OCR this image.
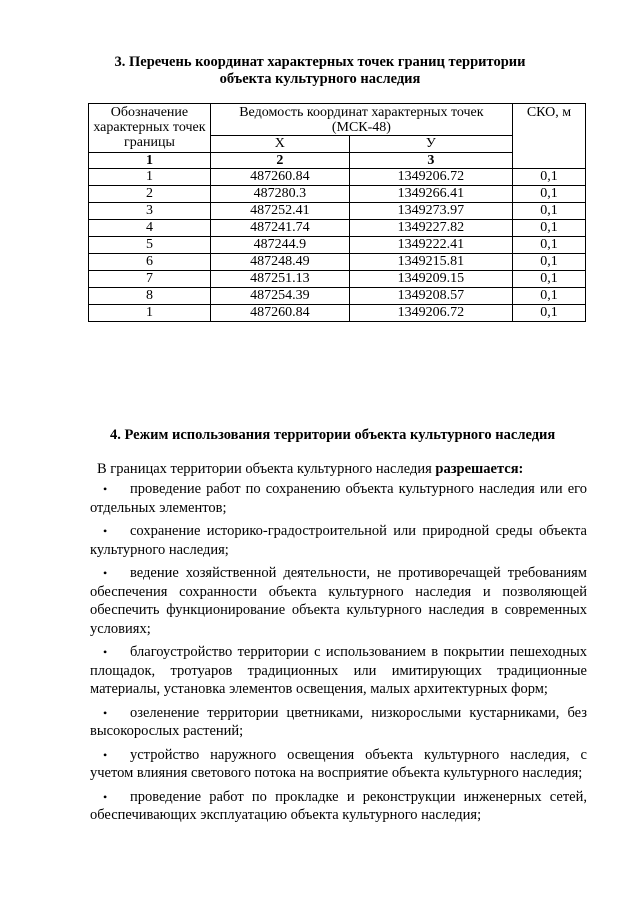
3. Перечень координат характерных точек границ территории
объекта культурного наследия
Обозначение характерных точек границы	Ведомость координат характерных точек (МСК-48)		СКО, м
	Х	У	
1	2	3	
1	487260.84	1349206.72	0,1
2	487280.3	1349266.41	0,1
3	487252.41	1349273.97	0,1
4	487241.74	1349227.82	0,1
5	487244.9	1349222.41	0,1
6	487248.49	1349215.81	0,1
7	487251.13	1349209.15	0,1
8	487254.39	1349208.57	0,1
1	487260.84	1349206.72	0,1
4. Режим использования территории объекта культурного наследия
В границах территории объекта культурного наследия разрешается:
• проведение работ по сохранению объекта культурного наследия или его отдельных элементов;
• сохранение историко-градостроительной или природной среды объекта культурного наследия;
• ведение хозяйственной деятельности, не противоречащей требованиям обеспечения сохранности объекта культурного наследия и позволяющей обеспечить функционирование объекта культурного наследия в современных условиях;
• благоустройство территории с использованием в покрытии пешеходных площадок, тротуаров традиционных или имитирующих традиционные материалы, установка элементов освещения, малых архитектурных форм;
• озеленение территории цветниками, низкорослыми кустарниками, без высокорослых растений;
• устройство наружного освещения объекта культурного наследия, с учетом влияния светового потока на восприятие объекта культурного наследия;
• проведение работ по прокладке и реконструкции инженерных сетей, обеспечивающих эксплуатацию объекта культурного наследия;
